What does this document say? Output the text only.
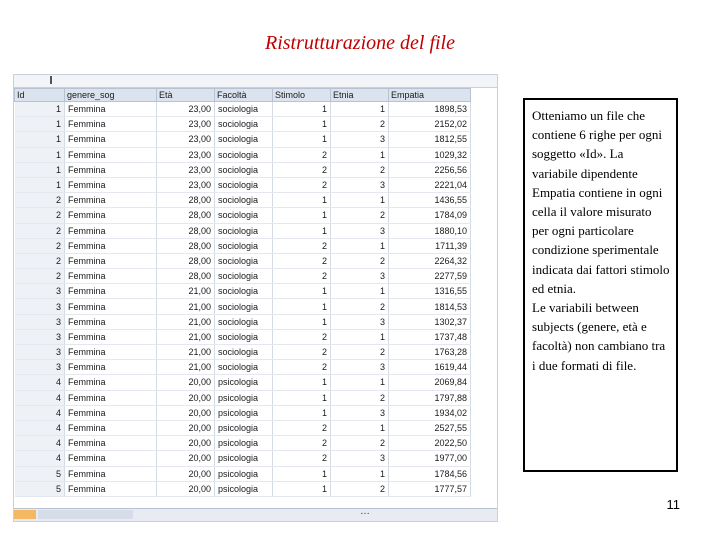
Ristrutturazione del file
Id	genere_sog	Età	Facoltà	Stimolo	Etnia	Empatia
1	Femmina	23,00	sociologia	1	1	1898,53
1	Femmina	23,00	sociologia	1	2	2152,02
1	Femmina	23,00	sociologia	1	3	1812,55
1	Femmina	23,00	sociologia	2	1	1029,32
1	Femmina	23,00	sociologia	2	2	2256,56
1	Femmina	23,00	sociologia	2	3	2221,04
2	Femmina	28,00	sociologia	1	1	1436,55
2	Femmina	28,00	sociologia	1	2	1784,09
2	Femmina	28,00	sociologia	1	3	1880,10
2	Femmina	28,00	sociologia	2	1	1711,39
2	Femmina	28,00	sociologia	2	2	2264,32
2	Femmina	28,00	sociologia	2	3	2277,59
3	Femmina	21,00	sociologia	1	1	1316,55
3	Femmina	21,00	sociologia	1	2	1814,53
3	Femmina	21,00	sociologia	1	3	1302,37
3	Femmina	21,00	sociologia	2	1	1737,48
3	Femmina	21,00	sociologia	2	2	1763,28
3	Femmina	21,00	sociologia	2	3	1619,44
4	Femmina	20,00	psicologia	1	1	2069,84
4	Femmina	20,00	psicologia	1	2	1797,88
4	Femmina	20,00	psicologia	1	3	1934,02
4	Femmina	20,00	psicologia	2	1	2527,55
4	Femmina	20,00	psicologia	2	2	2022,50
4	Femmina	20,00	psicologia	2	3	1977,00
5	Femmina	20,00	psicologia	1	1	1784,56
5	Femmina	20,00	psicologia	1	2	1777,57
…

Otteniamo un file che contiene 6 righe per ogni soggetto «Id». La variabile dipendente Empatia contiene in ogni cella il valore misurato per ogni particolare condizione sperimentale indicata dai fattori stimolo ed etnia.

Le variabili between subjects (genere, età e facoltà) non cambiano tra i due formati di file.

11
